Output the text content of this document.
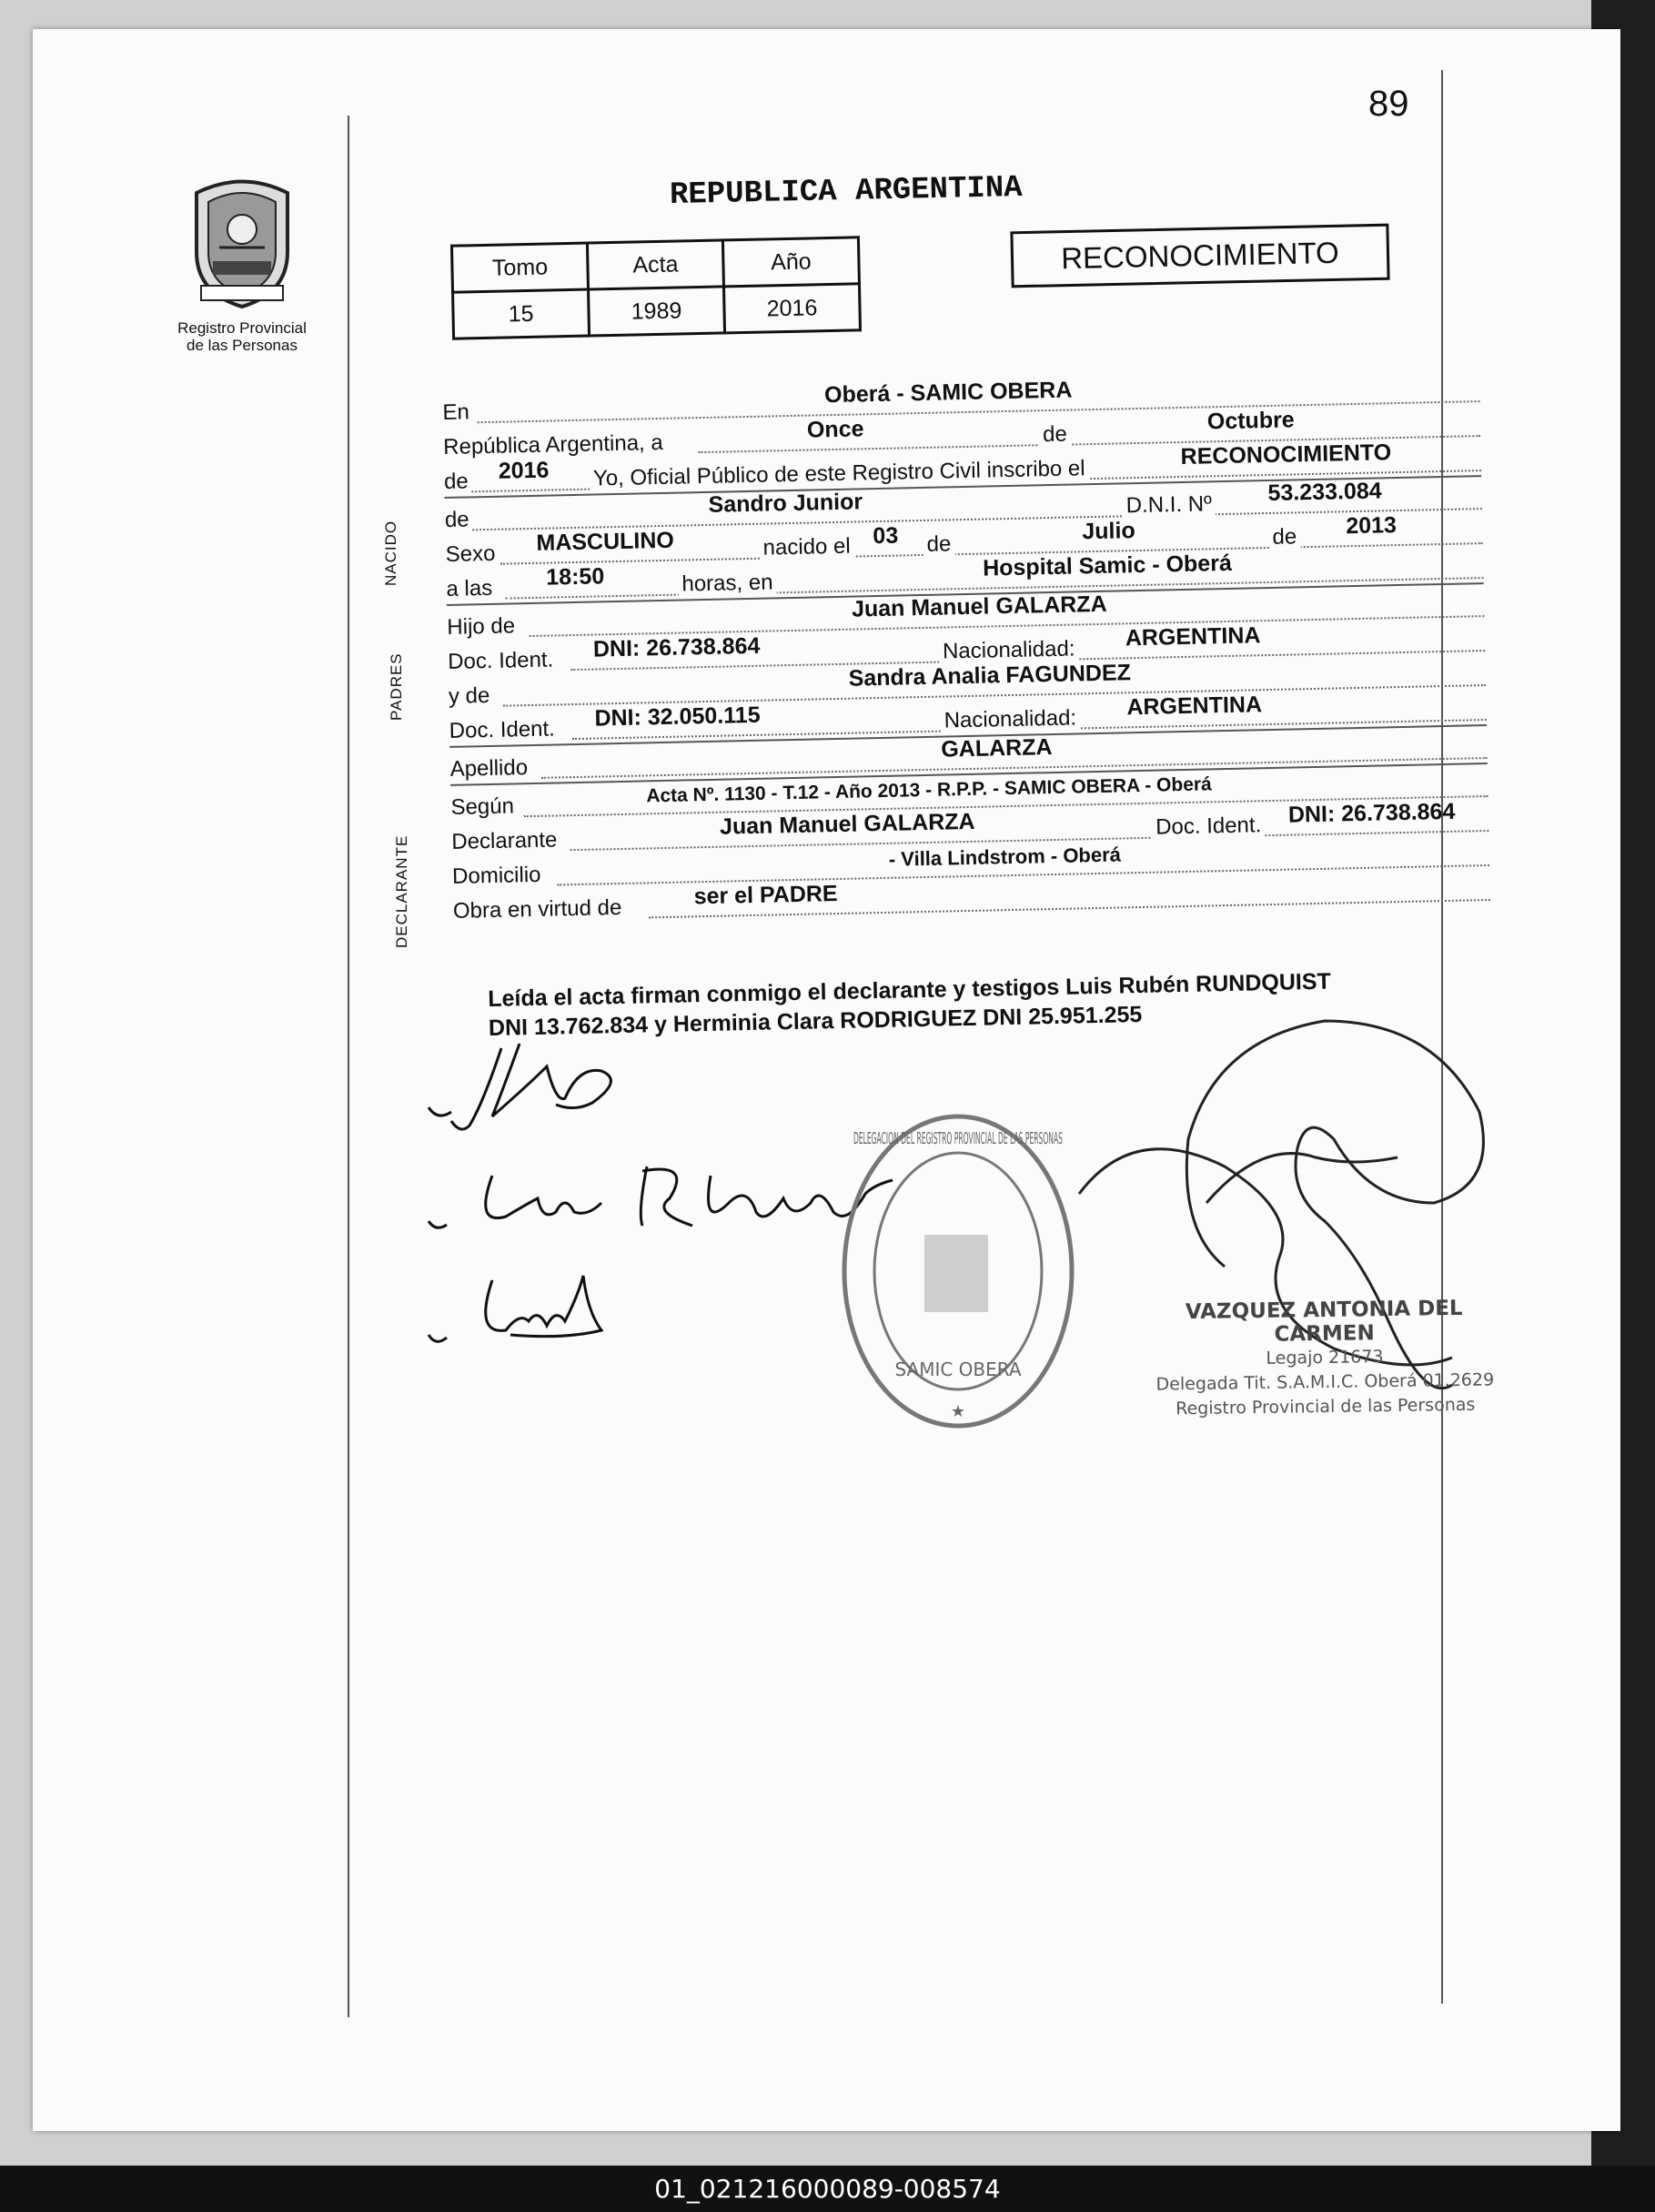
89
REPUBLICA ARGENTINA
Registro Provincial
de las Personas
Tomo	Acta	Año
15	1989	2016
RECONOCIMIENTO
NACIDO
PADRES
DECLARANTE
En
Oberá - SAMIC OBERA
República Argentina, a
Once	de
Octubre
de 2016 Yo, Oficial Público de este Registro Civil inscribo el
RECONOCIMIENTO
de
Sandro Junior	D.N.I. Nº 53.233.084
Sexo MASCULINO	nacido el 03 de	Julio	de 2013
a las 18:50	horas, en
Hospital Samic - Oberá
Hijo de
Juan Manuel GALARZA
Doc. Ident. DNI: 26.738.864	Nacionalidad: ARGENTINA
y de
Sandra Analia FAGUNDEZ
Doc. Ident. DNI: 32.050.115	Nacionalidad: ARGENTINA
Apellido
GALARZA
Según
Acta Nº. 1130 - T.12 - Año 2013 - R.P.P. - SAMIC OBERA - Oberá
Declarante
Juan Manuel GALARZA	Doc. Ident. DNI: 26.738.864
Domicilio
- Villa Lindstrom - Oberá
Obra en virtud de
ser el PADRE
Leída el acta firman conmigo el declarante y testigos Luis Rubén RUNDQUIST
DNI 13.762.834 y Herminia Clara RODRIGUEZ DNI 25.951.255
DELEGACION DEL REGISTRO PROVINCIAL DE LAS PERSONAS
SAMIC OBERA
★
VAZQUEZ ANTONIA DEL CARMEN
Legajo 21673
Delegada Tit. S.A.M.I.C. Oberá 01.2629
Registro Provincial de las Personas
01_021216000089-008574
